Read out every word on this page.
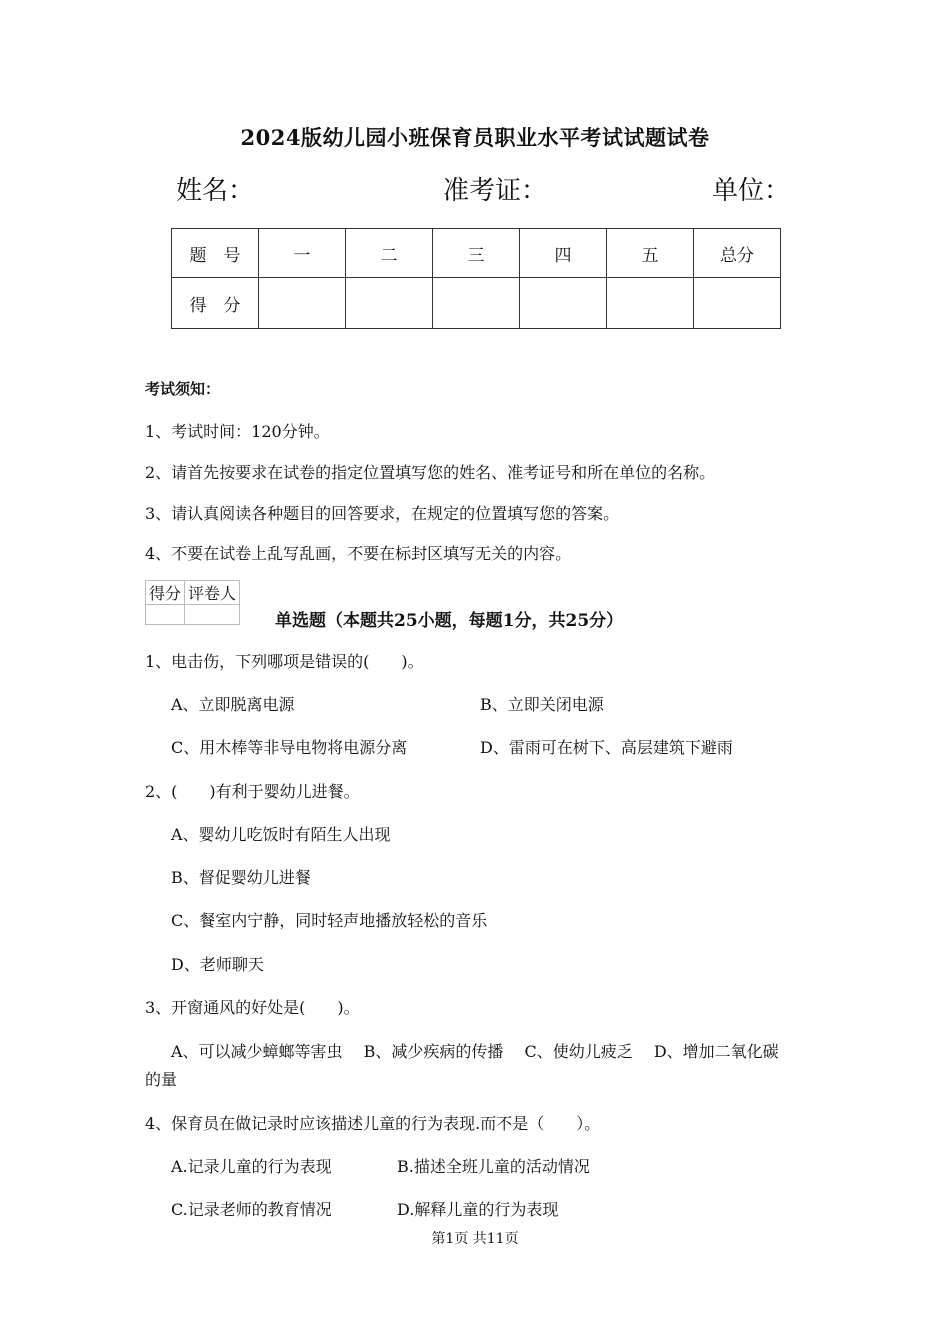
2024版幼儿园小班保育员职业水平考试试题试卷
姓名：	准考证：	单位：
题　号	一	二	三	四	五	总分
得　分						
考试须知：
1、考试时间：120分钟。
2、请首先按要求在试卷的指定位置填写您的姓名、准考证号和所在单位的名称。
3、请认真阅读各种题目的回答要求，在规定的位置填写您的答案。
4、不要在试卷上乱写乱画，不要在标封区填写无关的内容。
得分	评卷人

单选题（本题共25小题，每题1分，共25分）
1、电击伤，下列哪项是错误的(　　)。
A、立即脱离电源	B、立即关闭电源
C、用木棒等非导电物将电源分离	D、雷雨可在树下、高层建筑下避雨
2、(　　)有利于婴幼儿进餐。
A、婴幼儿吃饭时有陌生人出现
B、督促婴幼儿进餐
C、餐室内宁静，同时轻声地播放轻松的音乐
D、老师聊天
3、开窗通风的好处是(　　)。
A、可以减少蟑螂等害虫　 B、减少疾病的传播　 C、使幼儿疲乏　 D、增加二氧化碳
的量
4、保育员在做记录时应该描述儿童的行为表现.而不是（　　）。
A.记录儿童的行为表现	B.描述全班儿童的活动情况
C.记录老师的教育情况	D.解释儿童的行为表现
第1页 共11页
